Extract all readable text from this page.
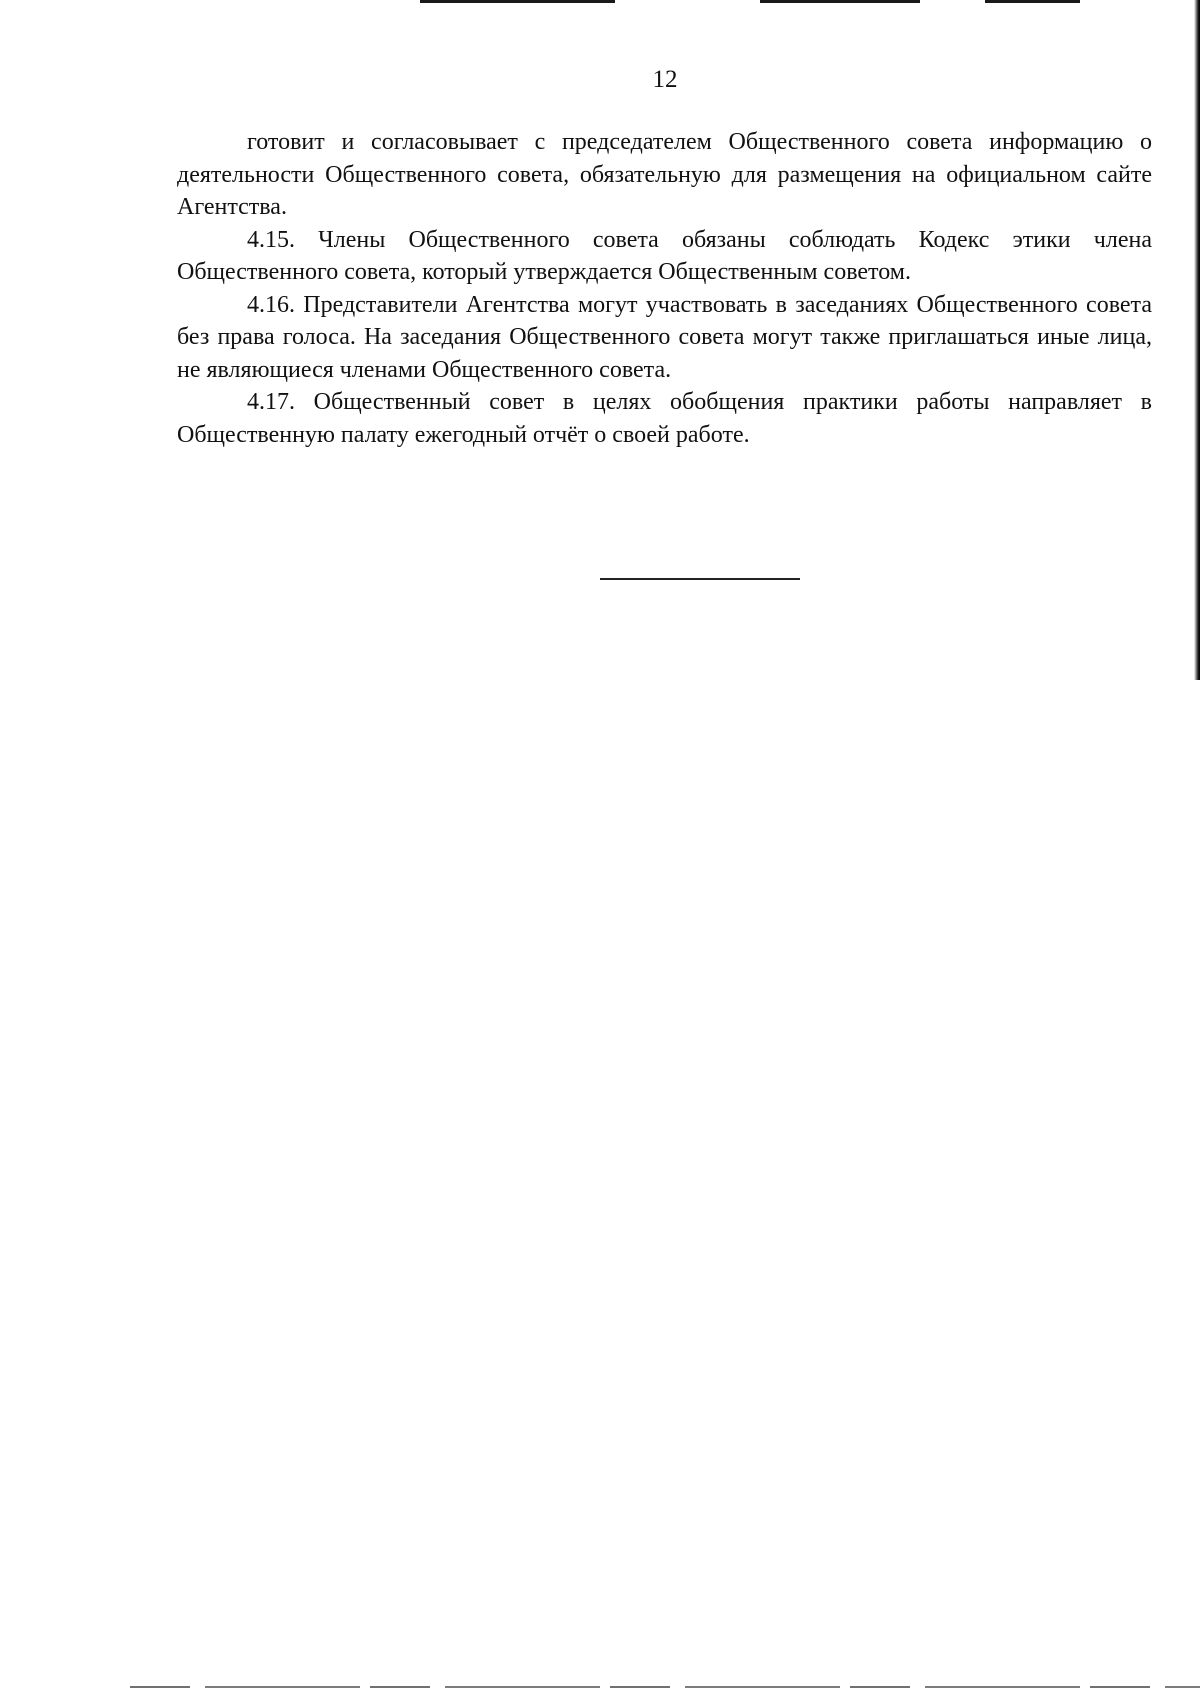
12

готовит и согласовывает с председателем Общественного совета информацию о деятельности Общественного совета, обязательную для размещения на официальном сайте Агентства.

4.15. Члены Общественного совета обязаны соблюдать Кодекс этики члена Общественного совета, который утверждается Общественным советом.

4.16. Представители Агентства могут участвовать в заседаниях Общественного совета без права голоса. На заседания Общественного совета могут также приглашаться иные лица, не являющиеся членами Общественного совета.

4.17. Общественный совет в целях обобщения практики работы направляет в Общественную палату ежегодный отчёт о своей работе.
